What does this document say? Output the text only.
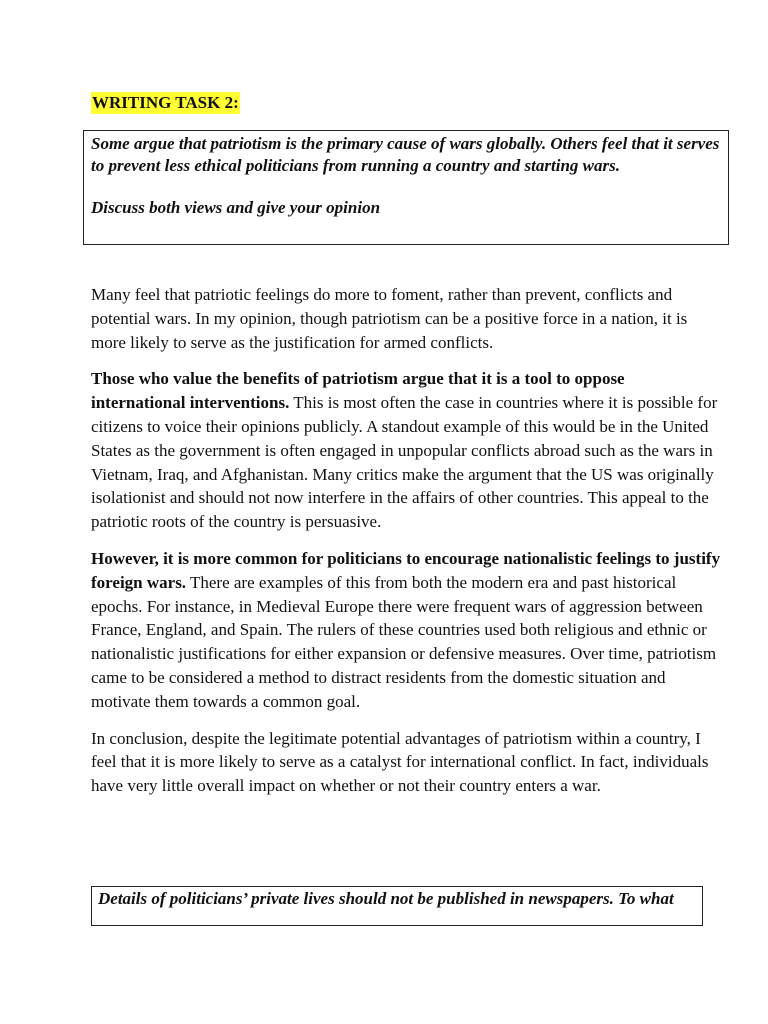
WRITING TASK 2:

Some argue that patriotism is the primary cause of wars globally. Others feel that it serves to prevent less ethical politicians from running a country and starting wars.

Discuss both views and give your opinion

Many feel that patriotic feelings do more to foment, rather than prevent, conflicts and potential wars. In my opinion, though patriotism can be a positive force in a nation, it is more likely to serve as the justification for armed conflicts.

Those who value the benefits of patriotism argue that it is a tool to oppose international interventions. This is most often the case in countries where it is possible for citizens to voice their opinions publicly. A standout example of this would be in the United States as the government is often engaged in unpopular conflicts abroad such as the wars in Vietnam, Iraq, and Afghanistan. Many critics make the argument that the US was originally isolationist and should not now interfere in the affairs of other countries. This appeal to the patriotic roots of the country is persuasive.

However, it is more common for politicians to encourage nationalistic feelings to justify foreign wars. There are examples of this from both the modern era and past historical epochs. For instance, in Medieval Europe there were frequent wars of aggression between France, England, and Spain. The rulers of these countries used both religious and ethnic or nationalistic justifications for either expansion or defensive measures. Over time, patriotism came to be considered a method to distract residents from the domestic situation and motivate them towards a common goal.

In conclusion, despite the legitimate potential advantages of patriotism within a country, I feel that it is more likely to serve as a catalyst for international conflict. In fact, individuals have very little overall impact on whether or not their country enters a war.

Details of politicians’ private lives should not be published in newspapers. To what
